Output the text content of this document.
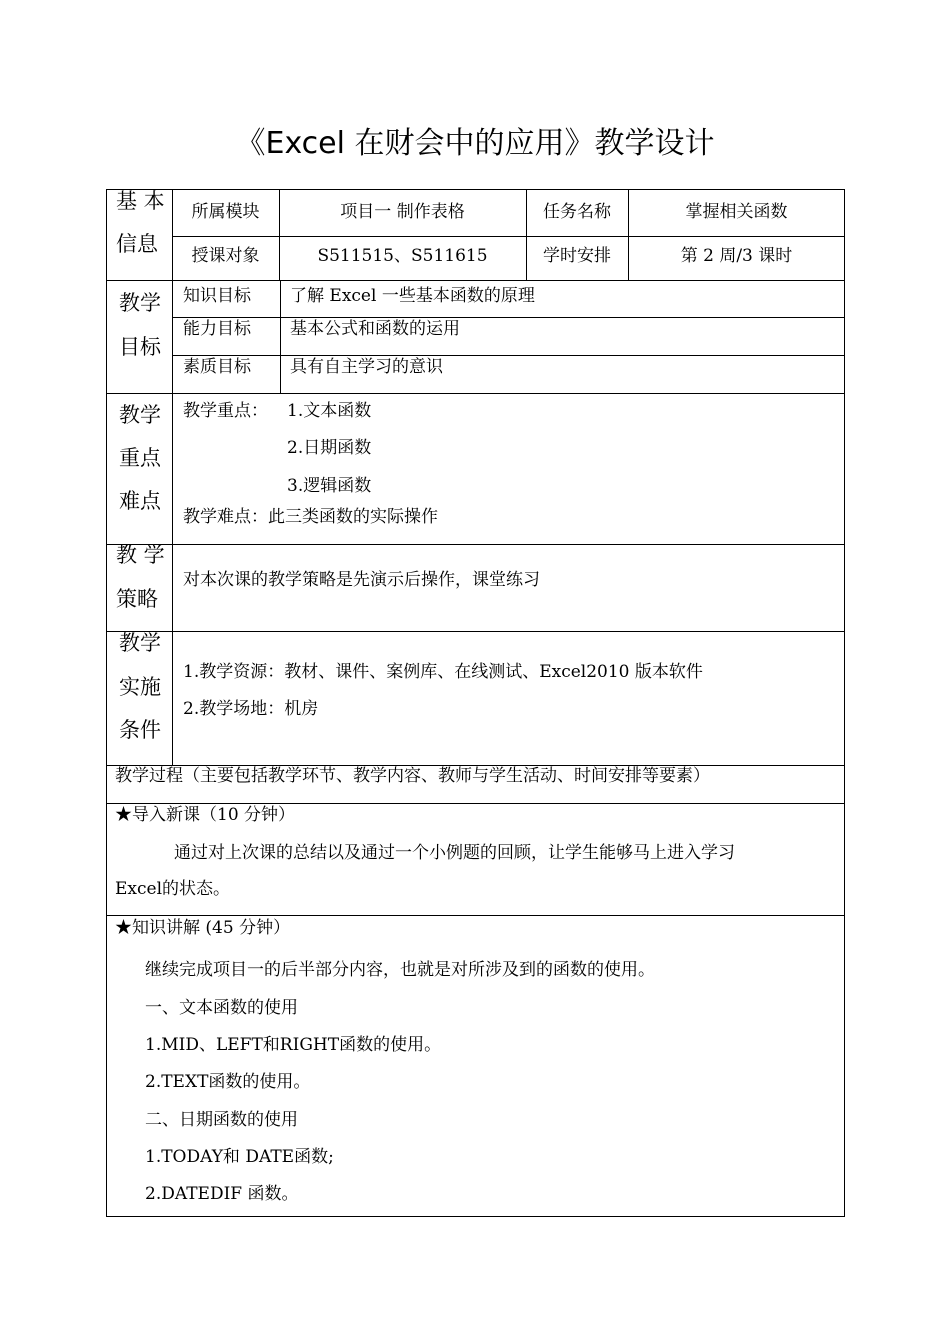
《Excel 在财会中的应用》教学设计
基 本
信息
所属模块	项目一 制作表格	任务名称	掌握相关函数
授课对象	S511515、S511615	学时安排	第 2 周/3 课时
教学
目标
知识目标 了解 Excel 一些基本函数的原理
能力目标 基本公式和函数的运用
素质目标 具有自主学习的意识
教学
重点
难点
教学重点： 1.文本函数
2.日期函数
3.逻辑函数
教学难点：此三类函数的实际操作
教 学
策略
对本次课的教学策略是先演示后操作，课堂练习
教学
实施
条件
1.教学资源：教材、课件、案例库、在线测试、Excel2010 版本软件
2.教学场地：机房
教学过程（主要包括教学环节、教学内容、教师与学生活动、时间安排等要素）
★导入新课（10 分钟）
通过对上次课的总结以及通过一个小例题的回顾，让学生能够马上进入学习
Excel的状态。
★知识讲解 (45 分钟）
继续完成项目一的后半部分内容，也就是对所涉及到的函数的使用。
一、文本函数的使用
1.MID、LEFT和RIGHT函数的使用。
2.TEXT函数的使用。
二、日期函数的使用
1.TODAY和 DATE函数;
2.DATEDIF 函数。
